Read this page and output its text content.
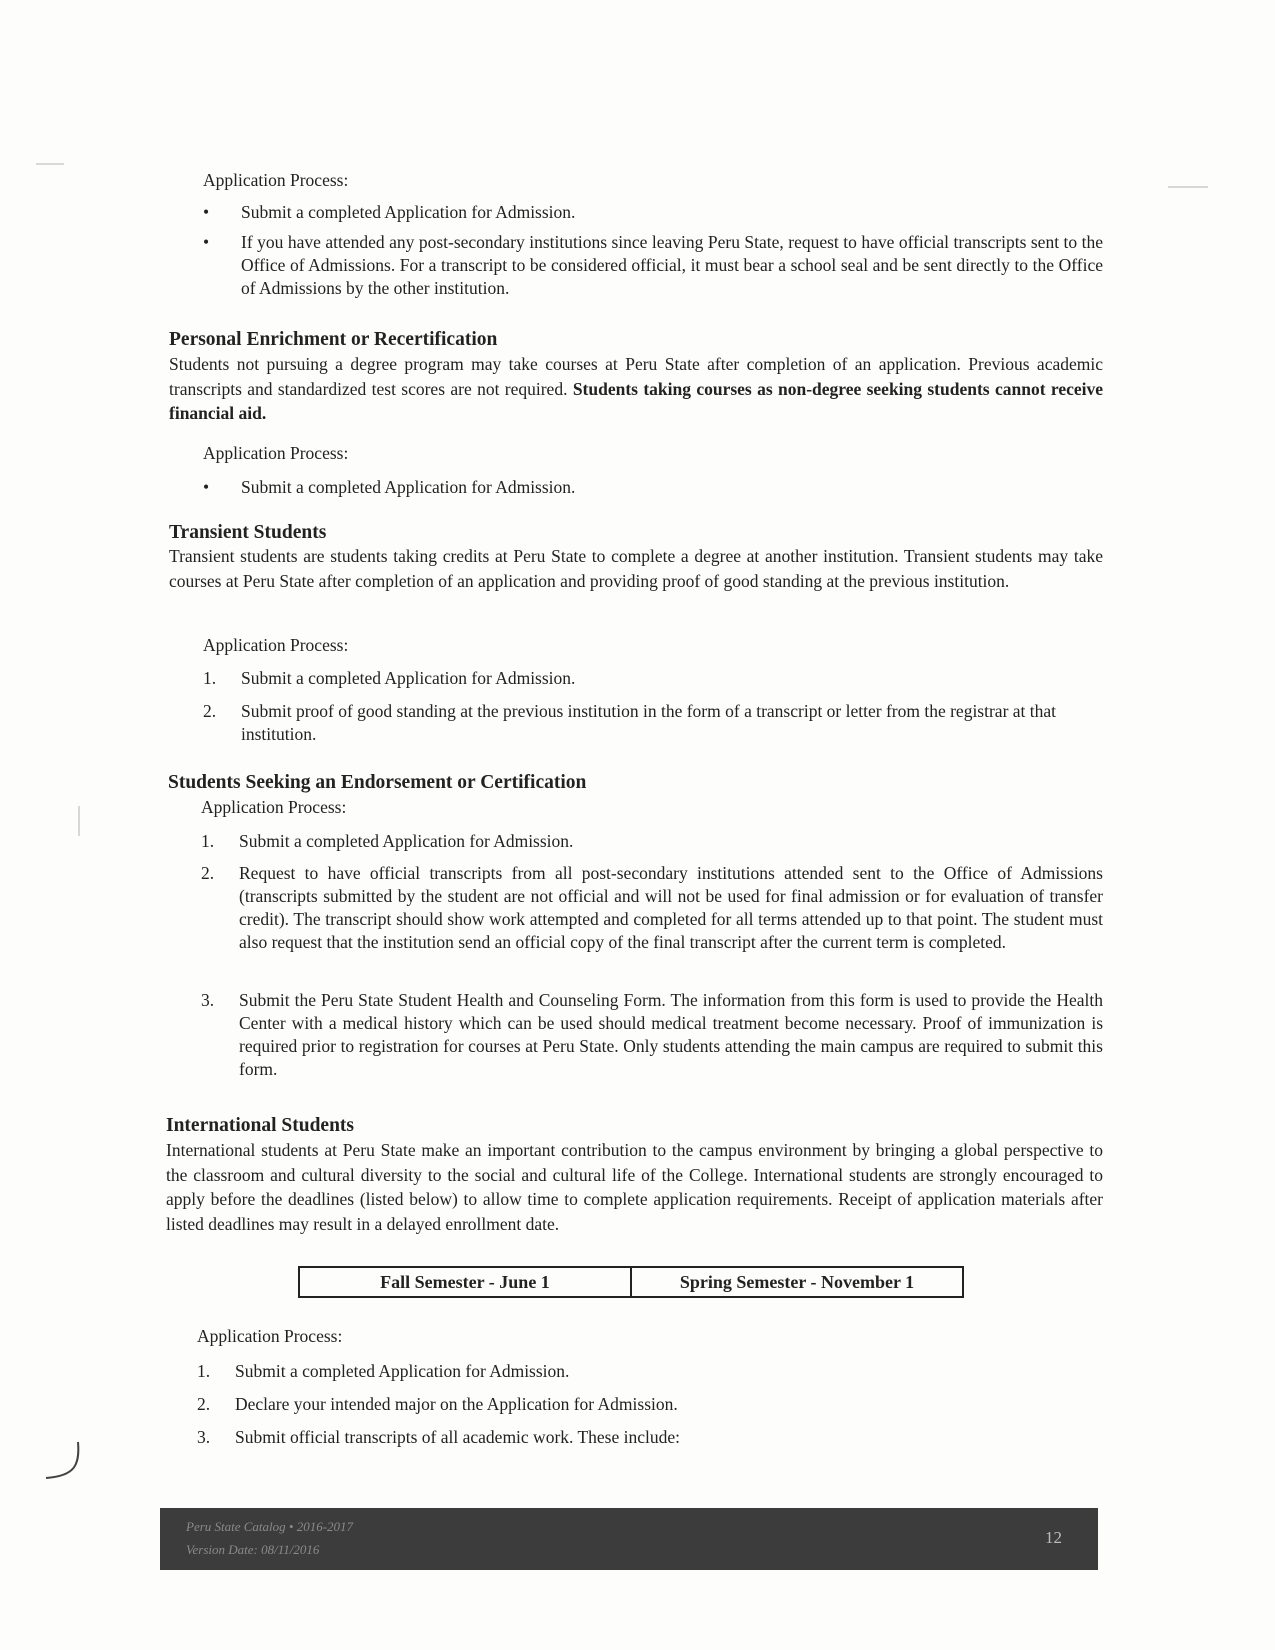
Application Process:
• Submit a completed Application for Admission.
• If you have attended any post-secondary institutions since leaving Peru State, request to have official transcripts sent to the Office of Admissions. For a transcript to be considered official, it must bear a school seal and be sent directly to the Office of Admissions by the other institution.
Personal Enrichment or Recertification
Students not pursuing a degree program may take courses at Peru State after completion of an application. Previous academic transcripts and standardized test scores are not required. Students taking courses as non-degree seeking students cannot receive financial aid.
Application Process:
• Submit a completed Application for Admission.
Transient Students
Transient students are students taking credits at Peru State to complete a degree at another institution. Transient students may take courses at Peru State after completion of an application and providing proof of good standing at the previous institution.
Application Process:
1. Submit a completed Application for Admission.
2. Submit proof of good standing at the previous institution in the form of a transcript or letter from the registrar at that institution.
Students Seeking an Endorsement or Certification
Application Process:
1. Submit a completed Application for Admission.
2. Request to have official transcripts from all post-secondary institutions attended sent to the Office of Admissions (transcripts submitted by the student are not official and will not be used for final admission or for evaluation of transfer credit). The transcript should show work attempted and completed for all terms attended up to that point. The student must also request that the institution send an official copy of the final transcript after the current term is completed.
3. Submit the Peru State Student Health and Counseling Form. The information from this form is used to provide the Health Center with a medical history which can be used should medical treatment become necessary. Proof of immunization is required prior to registration for courses at Peru State. Only students attending the main campus are required to submit this form.
International Students
International students at Peru State make an important contribution to the campus environment by bringing a global perspective to the classroom and cultural diversity to the social and cultural life of the College. International students are strongly encouraged to apply before the deadlines (listed below) to allow time to complete application requirements. Receipt of application materials after listed deadlines may result in a delayed enrollment date.
Fall Semester - June 1	Spring Semester - November 1
Application Process:
1. Submit a completed Application for Admission.
2. Declare your intended major on the Application for Admission.
3. Submit official transcripts of all academic work. These include:
Peru State Catalog • 2016-2017
Version Date: 08/11/2016
12
